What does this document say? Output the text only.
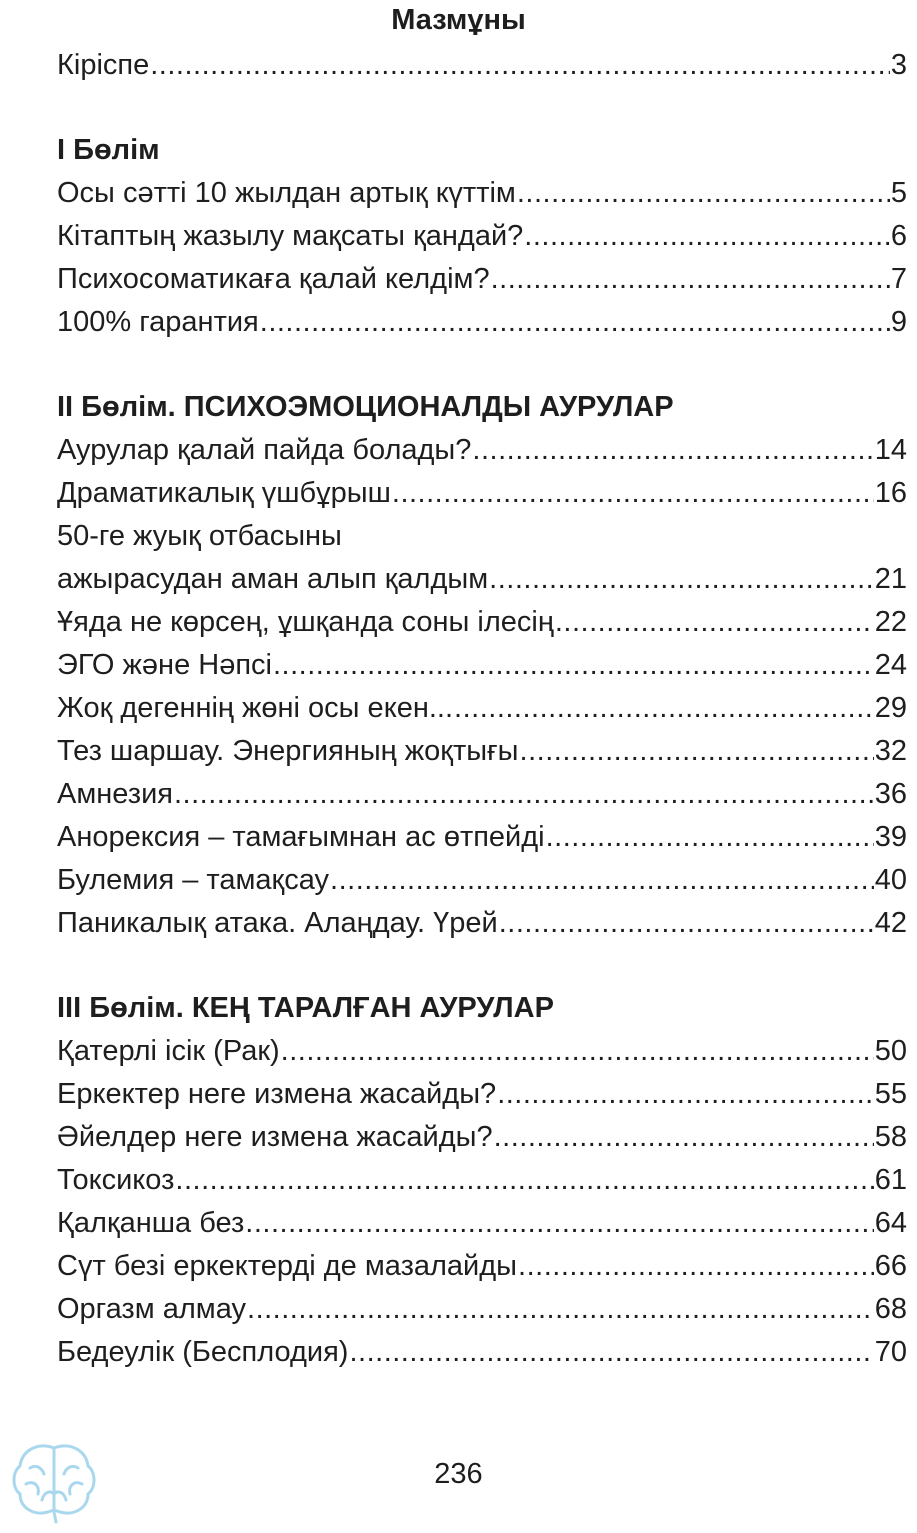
Мазмұны
Кіріспе .....	3
І Бөлім
Осы сәтті 10 жылдан артық күттім .....	5
Кітаптың жазылу мақсаты қандай? .....	6
Психосоматикаға қалай келдім? .....	7
100% гарантия .....	9
ІІ Бөлім. ПСИХОЭМОЦИОНАЛДЫ АУРУЛАР
Аурулар қалай пайда болады? .....	14
Драматикалық үшбұрыш .....	16
50-ге жуық отбасыны
ажырасудан аман алып қалдым .....	21
Ұяда не көрсең, ұшқанда соны ілесің .....	22
ЭГО және Нәпсі .....	24
Жоқ дегеннің жөні осы екен... .....	29
Тез шаршау. Энергияның жоқтығы .....	32
Амнезия .....	36
Анорексия – тамағымнан ас өтпейді .....	39
Булемия – тамақсау .....	40
Паникалық атака. Алаңдау. Үрей .....	42
ІІІ Бөлім. КЕҢ ТАРАЛҒАН АУРУЛАР
Қатерлі ісік (Рак) .....	50
Еркектер неге измена жасайды? .....	55
Әйелдер неге измена жасайды? .....	58
Токсикоз .....	61
Қалқанша без .....	64
Сүт безі еркектерді де мазалайды .....	66
Оргазм алмау .....	68
Бедеулік (Бесплодия) .....	70
236
